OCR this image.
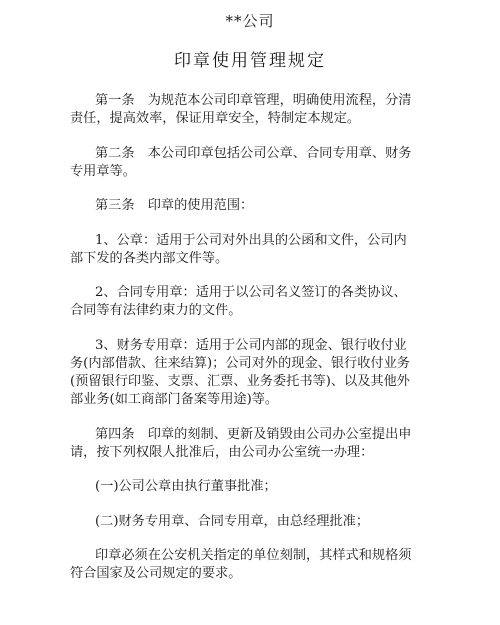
**公司
印章使用管理规定
第一条　为规范本公司印章管理，明确使用流程，分清
责任，提高效率，保证用章安全，特制定本规定。
第二条　本公司印章包括公司公章、合同专用章、财务
专用章等。
第三条　印章的使用范围：
1、公章：适用于公司对外出具的公函和文件，公司内
部下发的各类内部文件等。
2、合同专用章：适用于以公司名义签订的各类协议、
合同等有法律约束力的文件。
3、财务专用章：适用于公司内部的现金、银行收付业
务(内部借款、往来结算)；公司对外的现金、银行收付业务
(预留银行印鉴、支票、汇票、业务委托书等)、以及其他外
部业务(如工商部门备案等用途)等。
第四条　印章的刻制、更新及销毁由公司办公室提出申
请，按下列权限人批准后，由公司办公室统一办理：
(一)公司公章由执行董事批准；
(二)财务专用章、合同专用章，由总经理批准；
印章必须在公安机关指定的单位刻制，其样式和规格须
符合国家及公司规定的要求。
